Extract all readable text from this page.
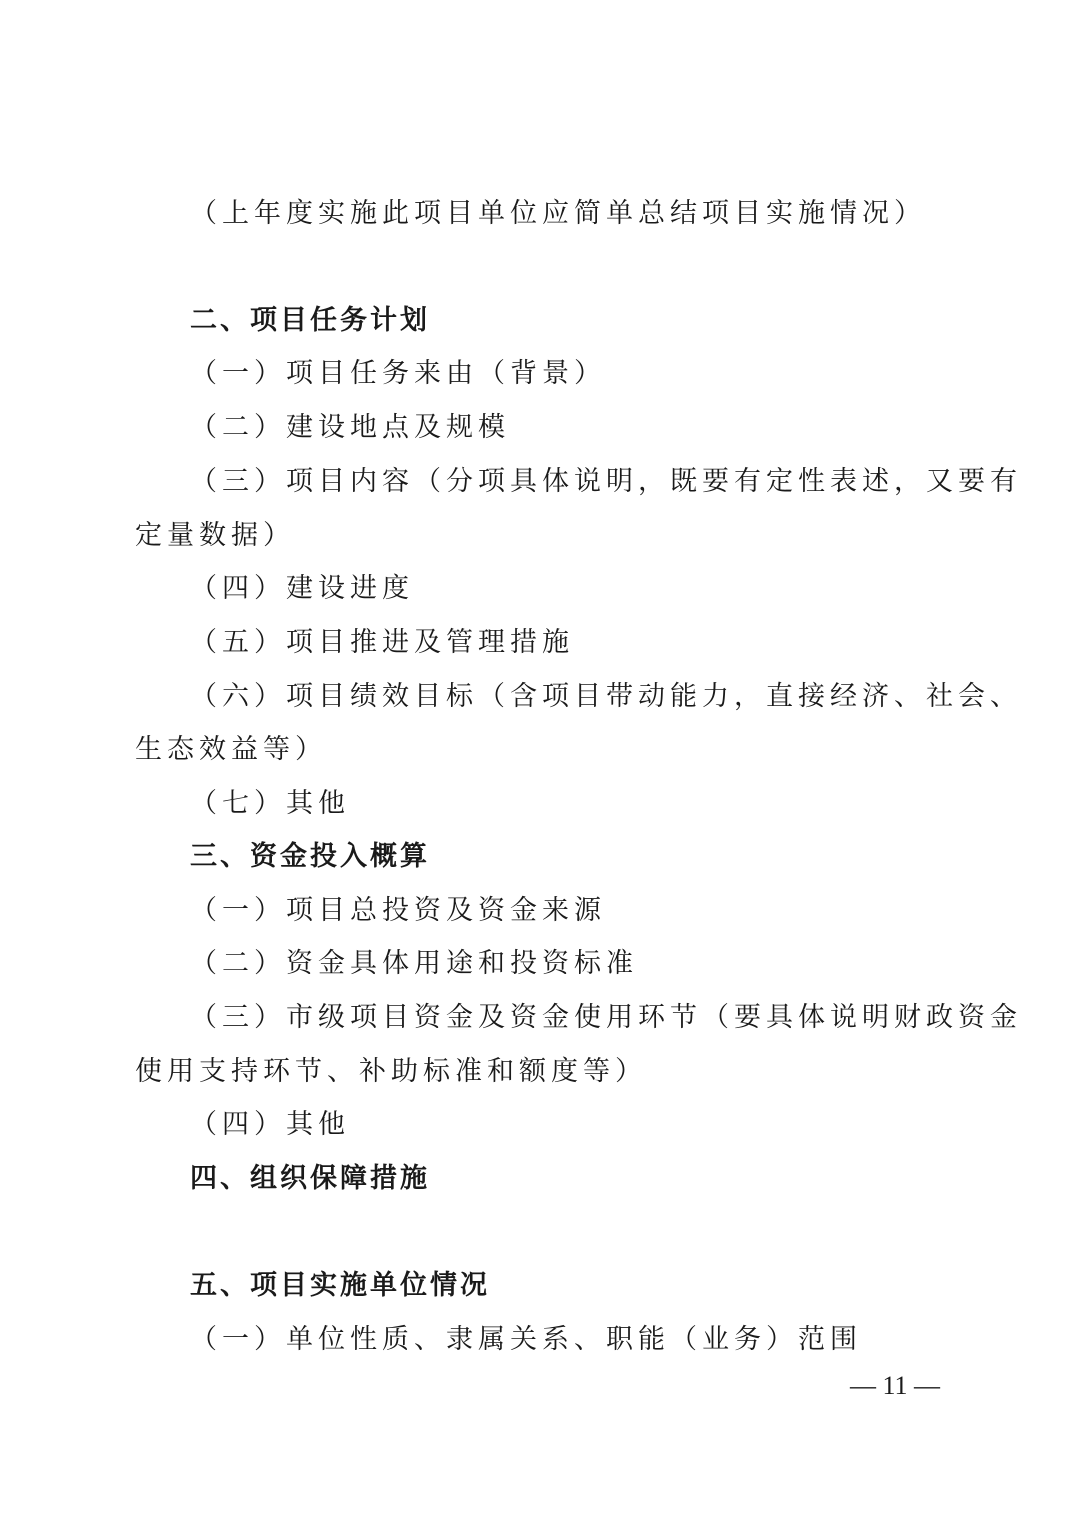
（上年度实施此项目单位应简单总结项目实施情况）
二、项目任务计划
（一）项目任务来由（背景）
（二）建设地点及规模
（三）项目内容（分项具体说明，既要有定性表述，又要有
定量数据）
（四）建设进度
（五）项目推进及管理措施
（六）项目绩效目标（含项目带动能力，直接经济、社会、
生态效益等）
（七）其他
三、资金投入概算
（一）项目总投资及资金来源
（二）资金具体用途和投资标准
（三）市级项目资金及资金使用环节（要具体说明财政资金
使用支持环节、补助标准和额度等）
（四）其他
四、组织保障措施
五、项目实施单位情况
（一）单位性质、隶属关系、职能（业务）范围
— 11 —
